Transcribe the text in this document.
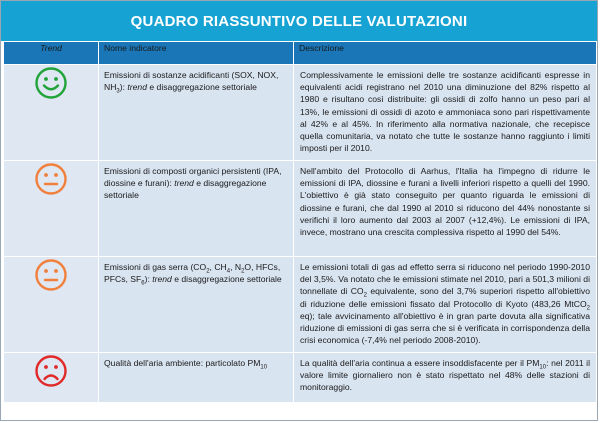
QUADRO RIASSUNTIVO DELLE VALUTAZIONI
Trend	Nome indicatore	Descrizione
	Emissioni di sostanze acidificanti (SOX, NOX, $NH_3$): trend e disaggregazione settoriale	Complessivamente le emissioni delle tre sostanze acidificanti espresse in equivalenti acidi registrano nel 2010 una diminuzione del 82% rispetto al 1980 e risultano così distribuite: gli ossidi di zolfo hanno un peso pari al 13%, le emissioni di ossidi di azoto e ammoniaca sono pari rispettivamente al 42% e al 45%. In riferimento alla normativa nazionale, che recepisce quella comunitaria, va notato che tutte le sostanze hanno raggiunto i limiti imposti per il 2010.
	Emissioni di composti organici persistenti (IPA, diossine e furani): trend e disaggregazione settoriale	Nell'ambito del Protocollo di Aarhus, l'Italia ha l'impegno di ridurre le emissioni di IPA, diossine e furani a livelli inferiori rispetto a quelli del 1990. L'obiettivo è già stato conseguito per quanto riguarda le emissioni di diossine e furani, che dal 1990 al 2010 si riducono del 44% nonostante si verifichi il loro aumento dal 2003 al 2007 (+12,4%). Le emissioni di IPA, invece, mostrano una crescita complessiva rispetto al 1990 del 54%.
	Emissioni di gas serra ($CO_2$, $CH_4$, $N_2O$, HFCs, PFCs, $SF_6$): trend e disaggregazione settoriale	Le emissioni totali di gas ad effetto serra si riducono nel periodo 1990-2010 del 3,5%. Va notato che le emissioni stimate nel 2010, pari a 501,3 milioni di tonnellate di $CO_2$ equivalente, sono del 3,7% superiori rispetto all'obiettivo di riduzione delle emissioni fissato dal Protocollo di Kyoto (483,26 MtCO$_2$ eq); tale avvicinamento all'obiettivo è in gran parte dovuta alla significativa riduzione di emissioni di gas serra che si è verificata in corrispondenza della crisi economica (-7,4% nel periodo 2008-2010).
	Qualità dell'aria ambiente: particolato $PM_{10}$	La qualità dell'aria continua a essere insoddisfacente per il $PM_{10}$: nel 2011 il valore limite giornaliero non è stato rispettato nel 48% delle stazioni di monitoraggio.
